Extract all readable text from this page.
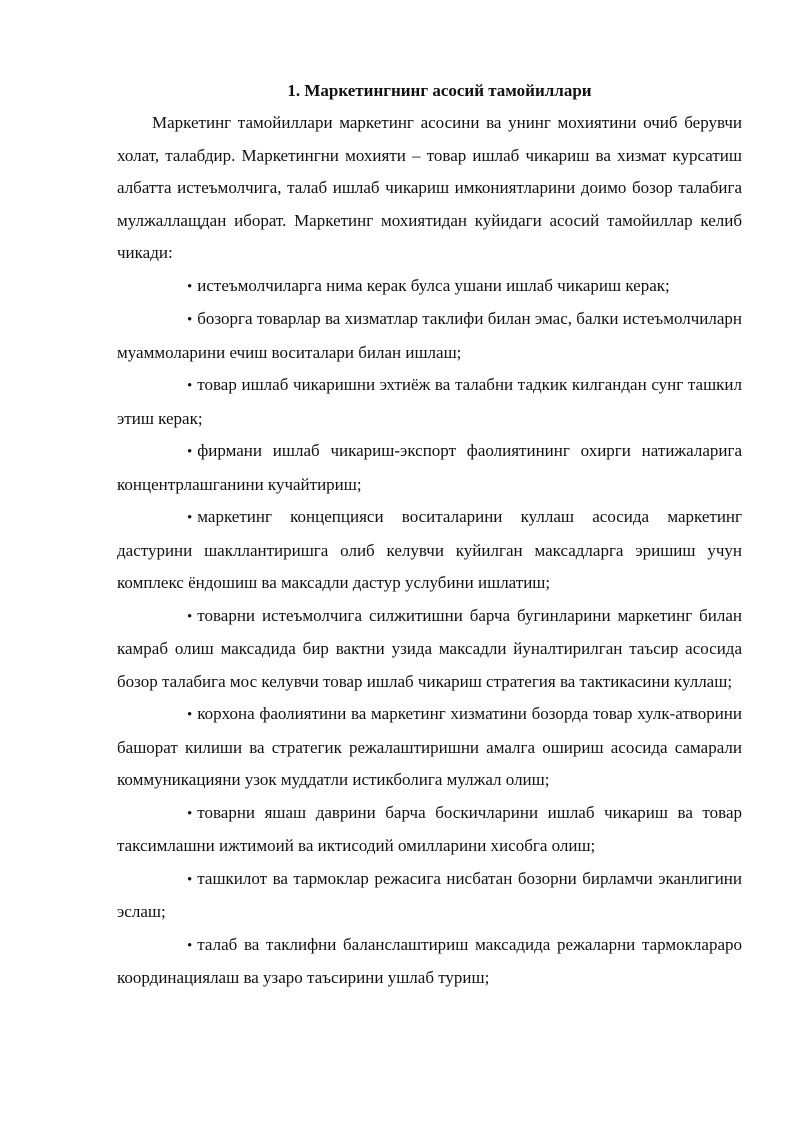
1. Маркетингнинг асосий тамойиллари

Маркетинг тамойиллари маркетинг асосини ва унинг мохиятини очиб берувчи холат, талабдир. Маркетингни мохияти – товар ишлаб чикариш ва хизмат курсатиш албатта истеъмолчига, талаб ишлаб чикариш имкониятларини доимо бозор талабига мулжаллащдан иборат. Маркетинг мохиятидан куйидаги асосий тамойиллар келиб чикади:

• истеъмолчиларга нима керак булса ушани ишлаб чикариш керак;

• бозорга товарлар ва хизматлар таклифи билан эмас, балки истеъмолчиларн муаммоларини ечиш воситалари билан ишлаш;

• товар ишлаб чикаришни эхтиёж ва талабни тадкик килгандан сунг ташкил этиш керак;

• фирмани ишлаб чикариш-экспорт фаолиятининг охирги натижаларига концентрлашганини кучайтириш;

• маркетинг концепцияси воситаларини куллаш асосида маркетинг дастурини шакллантиришга олиб келувчи куйилган максадларга эришиш учун комплекс ёндошиш ва максадли дастур услубини ишлатиш;

• товарни истеъмолчига силжитишни барча бугинларини маркетинг билан камраб олиш максадида бир вактни узида максадли йуналтирилган таъсир асосида бозор талабига мос келувчи товар ишлаб чикариш стратегия ва тактикасини куллаш;

• корхона фаолиятини ва маркетинг хизматини бозорда товар хулк-атворини башорат килиши ва стратегик режалаштиришни амалга ошириш асосида самарали коммуникацияни узок муддатли истикболига мулжал олиш;

• товарни яшаш даврини барча боскичларини ишлаб чикариш ва товар таксимлашни ижтимоий ва иктисодий омилларини хисобга олиш;

• ташкилот ва тармоклар режасига нисбатан бозорни бирламчи эканлигини эслаш;

• талаб ва таклифни баланслаштириш максадида режаларни тармоклараро координациялаш ва узаро таъсирини ушлаб туриш;
